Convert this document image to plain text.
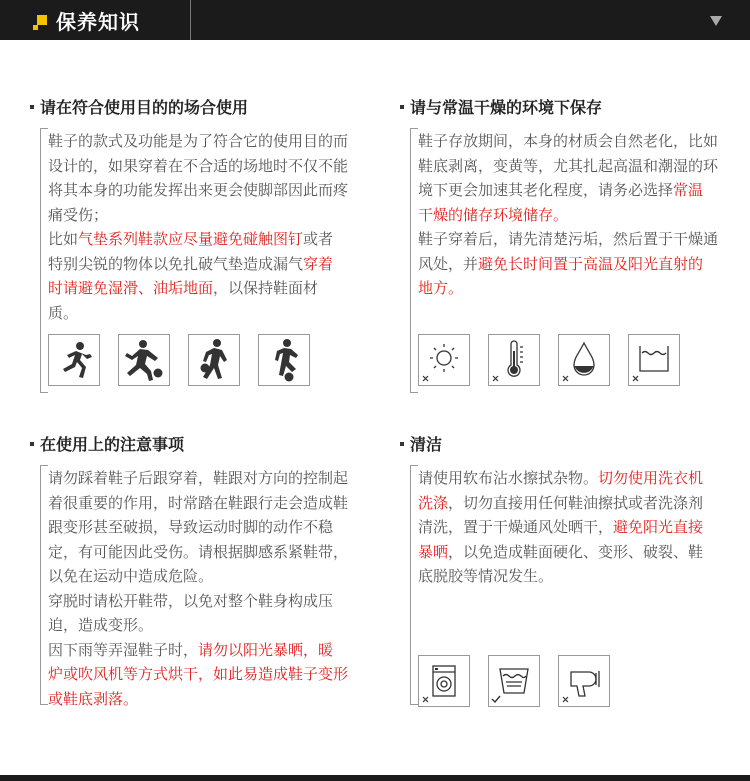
保养知识
请在符合使用目的的场合使用

鞋子的款式及功能是为了符合它的使用目的而设计的，如果穿着在不合适的场地时不仅不能将其本身的功能发挥出来更会使脚部因此而疼痛受伤；

比如气垫系列鞋款应尽量避免碰触图钉或者特别尖锐的物体以免扎破气垫造成漏气穿着时请避免湿滑、油垢地面，以保持鞋面材质。

请与常温干燥的环境下保存

鞋子存放期间，本身的材质会自然老化，比如鞋底剥离，变黄等，尤其扎起高温和潮湿的环境下更会加速其老化程度，请务必选择常温干燥的储存环境储存。

鞋子穿着后，请先清楚污垢，然后置于干燥通风处，并避免长时间置于高温及阳光直射的地方。

在使用上的注意事项

请勿踩着鞋子后跟穿着，鞋跟对方向的控制起着很重要的作用，时常踏在鞋跟行走会造成鞋跟变形甚至破损，导致运动时脚的动作不稳定，有可能因此受伤。请根据脚感系紧鞋带，以免在运动中造成危险。

穿脱时请松开鞋带，以免对整个鞋身构成压迫，造成变形。

因下雨等弄湿鞋子时，请勿以阳光暴晒，暖炉或吹风机等方式烘干，如此易造成鞋子变形或鞋底剥落。

清洁

请使用软布沾水擦拭杂物。切勿使用洗衣机洗涤，切勿直接用任何鞋油擦拭或者洗涤剂清洗，置于干燥通风处晒干，避免阳光直接暴晒，以免造成鞋面硬化、变形、破裂、鞋底脱胶等情况发生。
